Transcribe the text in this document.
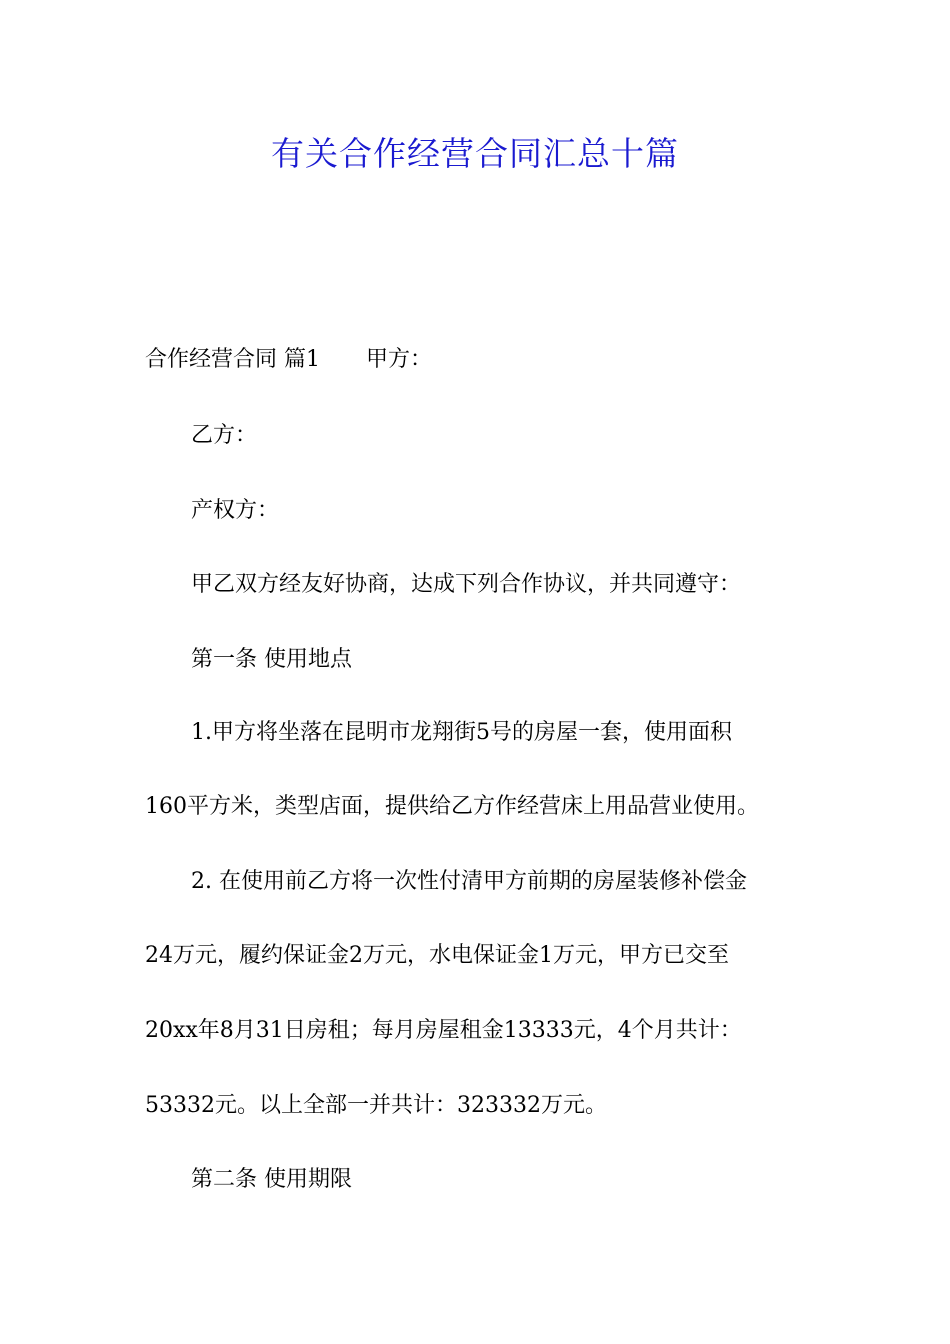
有关合作经营合同汇总十篇
合作经营合同 篇1 甲方：
乙方：
产权方：
甲乙双方经友好协商，达成下列合作协议，并共同遵守：
第一条 使用地点
1.甲方将坐落在昆明市龙翔街5号的房屋一套，使用面积
160平方米，类型店面，提供给乙方作经营床上用品营业使用。
2. 在使用前乙方将一次性付清甲方前期的房屋装修补偿金
24万元，履约保证金2万元，水电保证金1万元，甲方已交至
20xx年8月31日房租；每月房屋租金13333元，4个月共计：
53332元。以上全部一并共计：323332万元。
第二条 使用期限
